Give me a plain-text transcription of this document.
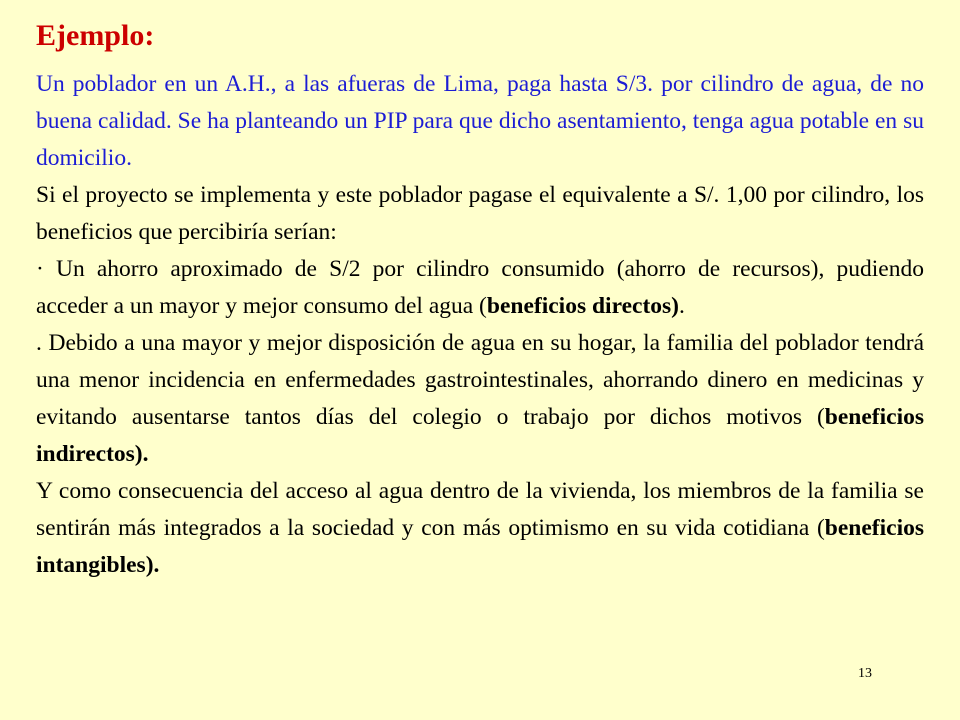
Ejemplo:

Un poblador en un A.H., a las afueras de Lima, paga hasta S/3. por cilindro de agua, de no buena calidad. Se ha planteando un PIP para que dicho asentamiento, tenga agua potable en su domicilio.

Si el proyecto se implementa y este poblador pagase el equivalente a S/. 1,00 por cilindro, los beneficios que percibiría serían:

· Un ahorro aproximado de S/2 por cilindro consumido (ahorro de recursos), pudiendo acceder a un mayor y mejor consumo del agua (beneficios directos).

. Debido a una mayor y mejor disposición de agua en su hogar, la familia del poblador tendrá una menor incidencia en enfermedades gastrointestinales, ahorrando dinero en medicinas y evitando ausentarse tantos días del colegio o trabajo por dichos motivos (beneficios indirectos).

Y como consecuencia del acceso al agua dentro de la vivienda, los miembros de la familia se sentirán más integrados a la sociedad y con más optimismo en su vida cotidiana (beneficios intangibles).

13
